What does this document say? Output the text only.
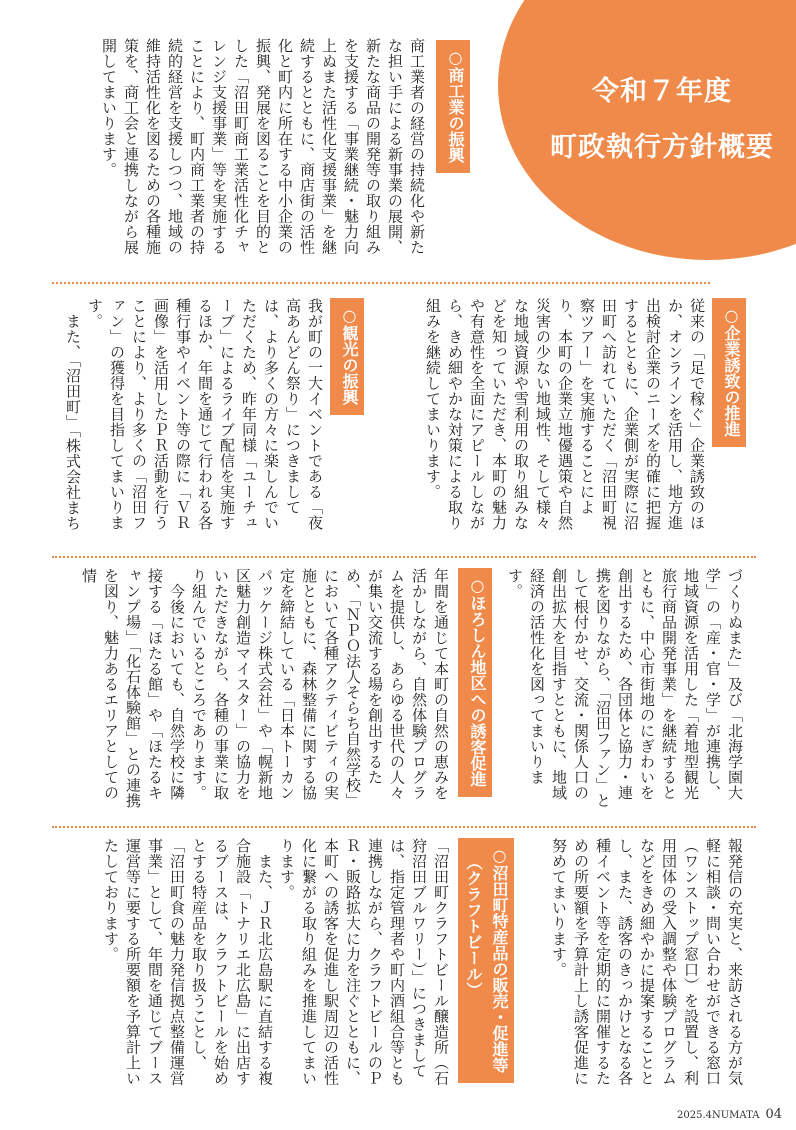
令和７年度
町政執行方針概要
○商工業の振興
商工業者の経営の持続化や新たな担い手による新事業の展開、新たな商品の開発等の取り組みを支援する「事業継続・魅力向上ぬまた活性化支援事業」を継続するとともに、商店街の活性化と町内に所在する中小企業の振興、発展を図ることを目的とした「沼田町商工業活性化チャレンジ支援事業」等を実施することにより、町内商工業者の持続的経営を支援しつつ、地域の維持活性化を図るための各種施策を、商工会と連携しながら展開してまいります。
○企業誘致の推進
従来の「足で稼ぐ」企業誘致のほか、オンラインを活用し、地方進出検討企業のニーズを的確に把握するとともに、企業側が実際に沼田町へ訪れていただく「沼田町視察ツアー」を実施することにより、本町の企業立地優遇策や自然災害の少ない地域性、そして様々な地域資源や雪利用の取り組みなどを知っていただき、本町の魅力や有意性を全面にアピールしながら、きめ細やかな対策による取り組みを継続してまいります。
○観光の振興
我が町の一大イベントである「夜高あんどん祭り」につきましては、より多くの方々に楽しんでいただくため、昨年同様「ユーチューブ」によるライブ配信を実施するほか、年間を通じて行われる各種行事やイベント等の際に「ＶＲ画像」を活用したＰＲ活動を行うことにより、より多くの「沼田ファン」の獲得を目指してまいります。
　また、「沼田町」「株式会社まち
づくりぬまた」及び「北海学園大学」の「産・官・学」が連携し、地域資源を活用した「着地型観光旅行商品開発事業」を継続するとともに、中心市街地のにぎわいを創出するため、各団体と協力・連携を図りながら、「沼田ファン」として根付かせ、交流・関係人口の創出拡大を目指すとともに、地域経済の活性化を図ってまいります。
○ほろしん地区への誘客促進
年間を通じて本町の自然の恵みを活かしながら、自然体験プログラムを提供し、あらゆる世代の人々が集い交流する場を創出するため、「ＮＰＯ法人そらち自然学校」において各種アクティビティの実施とともに、森林整備に関する協定を締結している「日本トーカンパッケージ株式会社」や「幌新地区魅力創造マイスター」の協力をいただきながら、各種の事業に取り組んでいるところであります。
　今後においても、自然学校に隣接する「ほたる館」や「ほたるキャンプ場」「化石体験館」との連携を図り、魅力あるエリアとしての情
報発信の充実と、来訪される方が気軽に相談・問い合わせができる窓口（ワンストップ窓口）を設置し、利用団体の受入調整や体験プログラムなどをきめ細やかに提案することとし、また、誘客のきっかけとなる各種イベント等を定期的に開催するための所要額を予算計上し誘客促進に努めてまいります。
○沼田町特産品の販売・促進等
　（クラフトビール）
「沼田町クラフトビール醸造所（石狩沼田ブルワリー）」につきましては、指定管理者や町内酒組合等とも連携しながら、クラフトビールのＰＲ・販路拡大に力を注ぐとともに、本町への誘客を促進し駅周辺の活性化に繋がる取り組みを推進してまいります。
　また、ＪＲ北広島駅に直結する複合施設「トナリエ北広島」に出店するブースは、クラフトビールを始めとする特産品を取り扱うことし、「沼田町食の魅力発信拠点整備運営事業」として、年間を通じてブース運営等に要する所要額を予算計上いたしております。
2025.4NUMATA 04
